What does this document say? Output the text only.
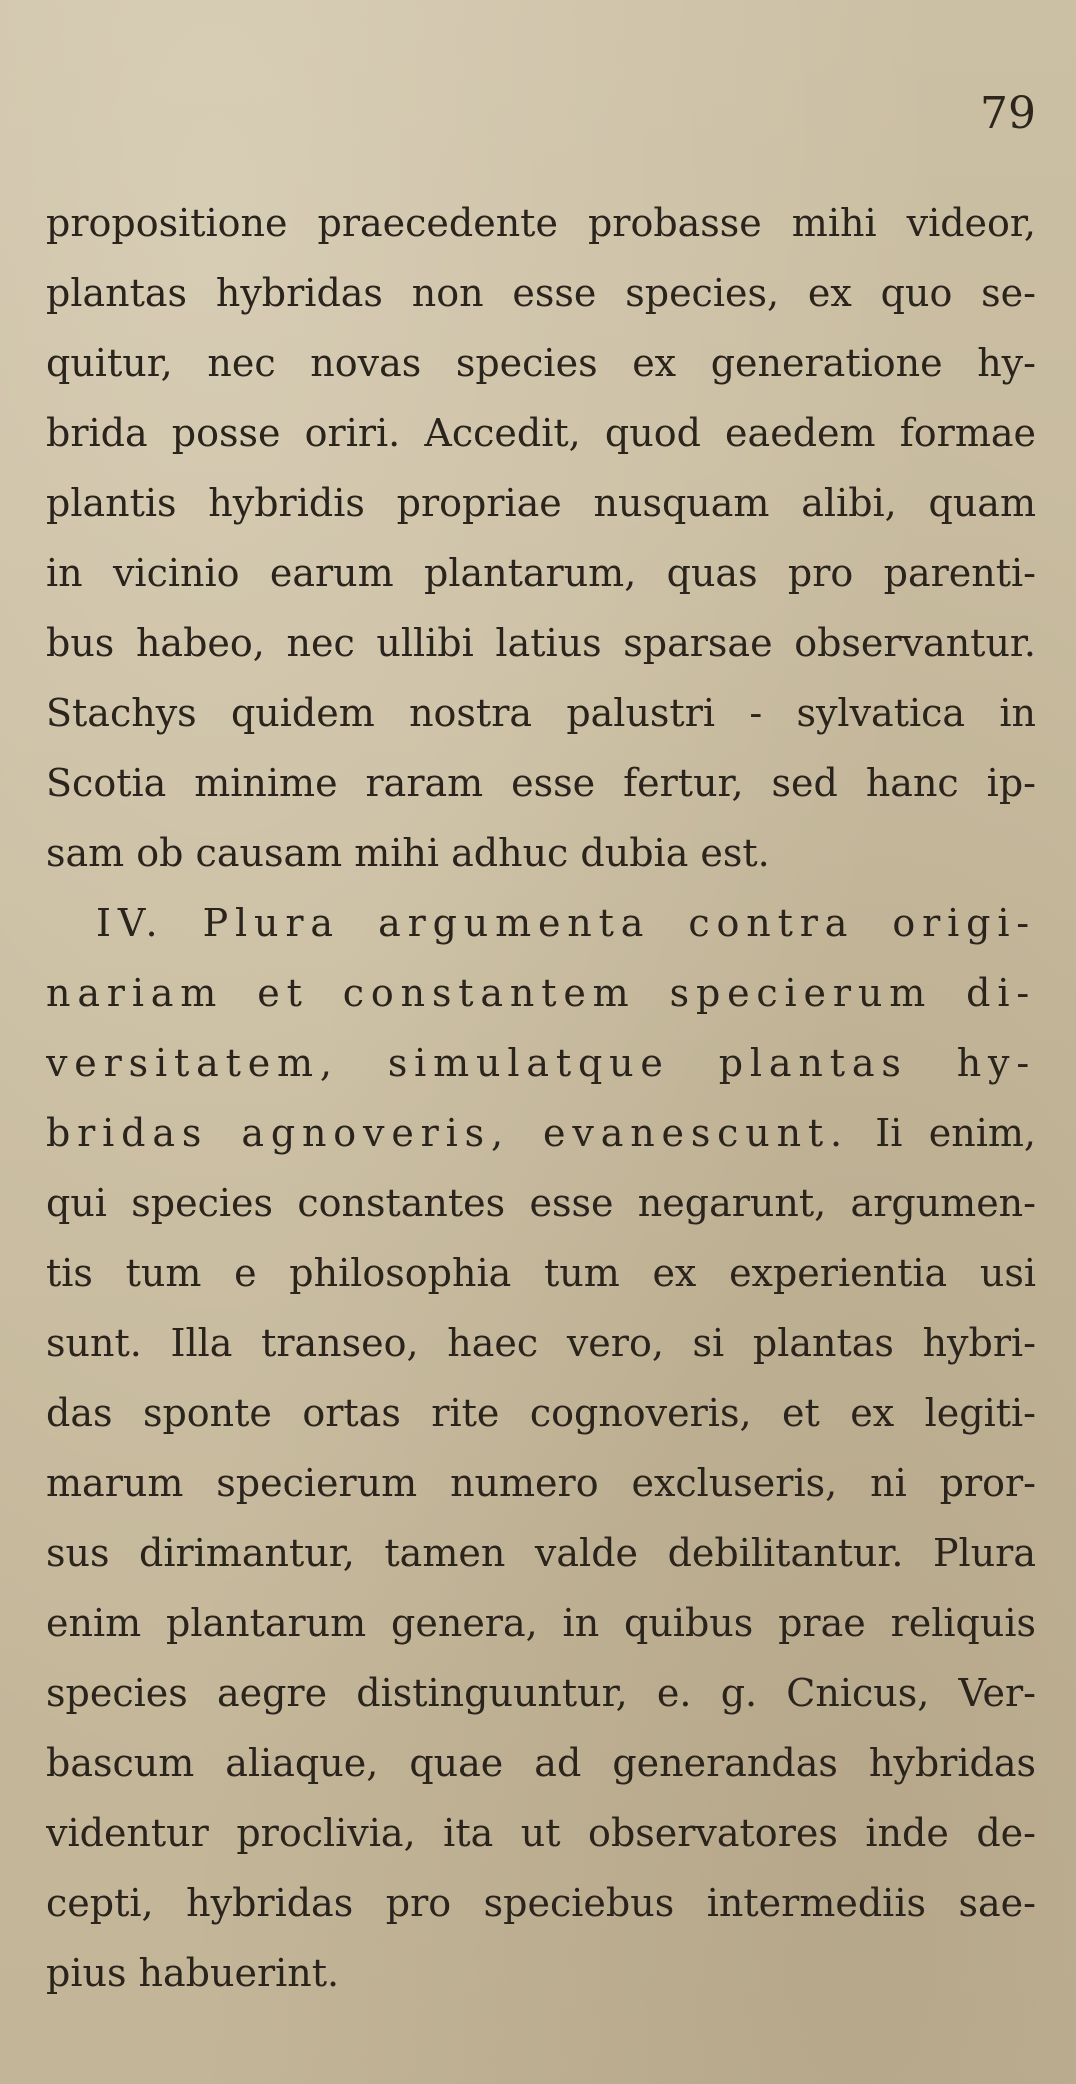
79
propositione praecedente probasse mihi videor,
plantas hybridas non esse species, ex quo se-
quitur, nec novas species ex generatione hy-
brida posse oriri. Accedit, quod eaedem formae
plantis hybridis propriae nusquam alibi, quam
in vicinio earum plantarum, quas pro parenti-
bus habeo, nec ullibi latius sparsae observantur.
Stachys quidem nostra palustri - sylvatica in
Scotia minime raram esse fertur, sed hanc ip-
sam ob causam mihi adhuc dubia est.
IV. Plura argumenta contra origi-
nariam et constantem specierum di-
versitatem, simulatque plantas hy-
bridas agnoveris, evanescunt. Ii enim,
qui species constantes esse negarunt, argumen-
tis tum e philosophia tum ex experientia usi
sunt. Illa transeo, haec vero, si plantas hybri-
das sponte ortas rite cognoveris, et ex legiti-
marum specierum numero excluseris, ni pror-
sus dirimantur, tamen valde debilitantur. Plura
enim plantarum genera, in quibus prae reliquis
species aegre distinguuntur, e. g. Cnicus, Ver-
bascum aliaque, quae ad generandas hybridas
videntur proclivia, ita ut observatores inde de-
cepti, hybridas pro speciebus intermediis sae-
pius habuerint.
